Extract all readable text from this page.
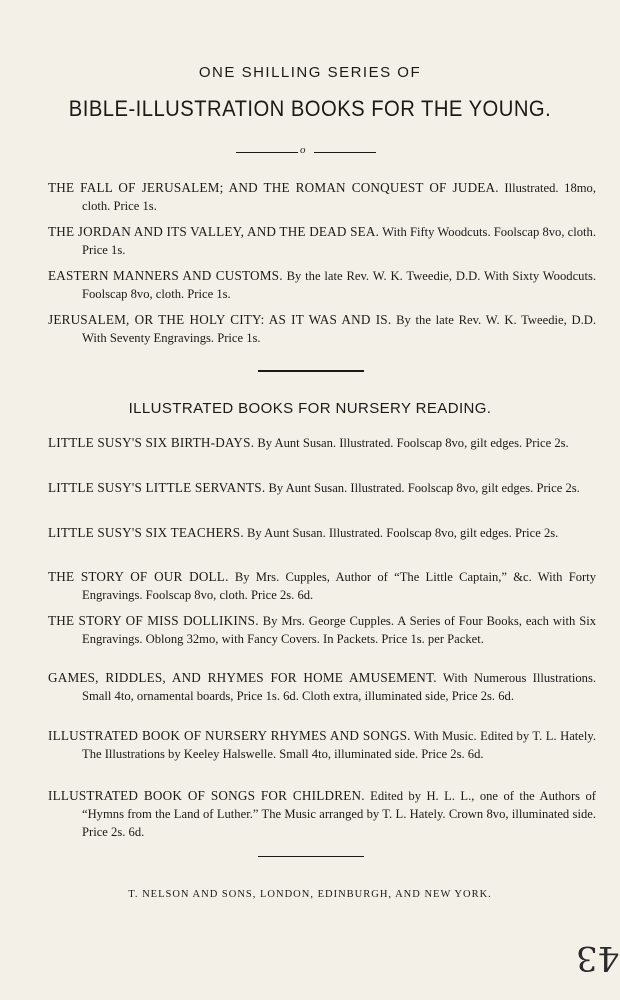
ONE SHILLING SERIES OF
BIBLE-ILLUSTRATION BOOKS FOR THE YOUNG.
o
THE FALL OF JERUSALEM; AND THE ROMAN CONQUEST OF JUDEA. Illustrated. 18mo, cloth. Price 1s.
THE JORDAN AND ITS VALLEY, AND THE DEAD SEA. With Fifty Woodcuts. Foolscap 8vo, cloth. Price 1s.
EASTERN MANNERS AND CUSTOMS. By the late Rev. W. K. Tweedie, D.D. With Sixty Woodcuts. Foolscap 8vo, cloth. Price 1s.
JERUSALEM, OR THE HOLY CITY: AS IT WAS AND IS. By the late Rev. W. K. Tweedie, D.D. With Seventy Engravings. Price 1s.
ILLUSTRATED BOOKS FOR NURSERY READING.
LITTLE SUSY'S SIX BIRTH-DAYS. By Aunt Susan. Illustrated. Foolscap 8vo, gilt edges. Price 2s.
LITTLE SUSY'S LITTLE SERVANTS. By Aunt Susan. Illustrated. Foolscap 8vo, gilt edges. Price 2s.
LITTLE SUSY'S SIX TEACHERS. By Aunt Susan. Illustrated. Foolscap 8vo, gilt edges. Price 2s.
THE STORY OF OUR DOLL. By Mrs. Cupples, Author of “The Little Captain,” &c. With Forty Engravings. Foolscap 8vo, cloth. Price 2s. 6d.
THE STORY OF MISS DOLLIKINS. By Mrs. George Cupples. A Series of Four Books, each with Six Engravings. Oblong 32mo, with Fancy Covers. In Packets. Price 1s. per Packet.
GAMES, RIDDLES, AND RHYMES FOR HOME AMUSEMENT. With Numerous Illustrations. Small 4to, ornamental boards, Price 1s. 6d. Cloth extra, illuminated side, Price 2s. 6d.
ILLUSTRATED BOOK OF NURSERY RHYMES AND SONGS. With Music. Edited by T. L. Hately. The Illustrations by Keeley Halswelle. Small 4to, illuminated side. Price 2s. 6d.
ILLUSTRATED BOOK OF SONGS FOR CHILDREN. Edited by H. L. L., one of the Authors of “Hymns from the Land of Luther.” The Music arranged by T. L. Hately. Crown 8vo, illuminated side. Price 2s. 6d.
T. NELSON AND SONS, LONDON, EDINBURGH, AND NEW YORK.
43
